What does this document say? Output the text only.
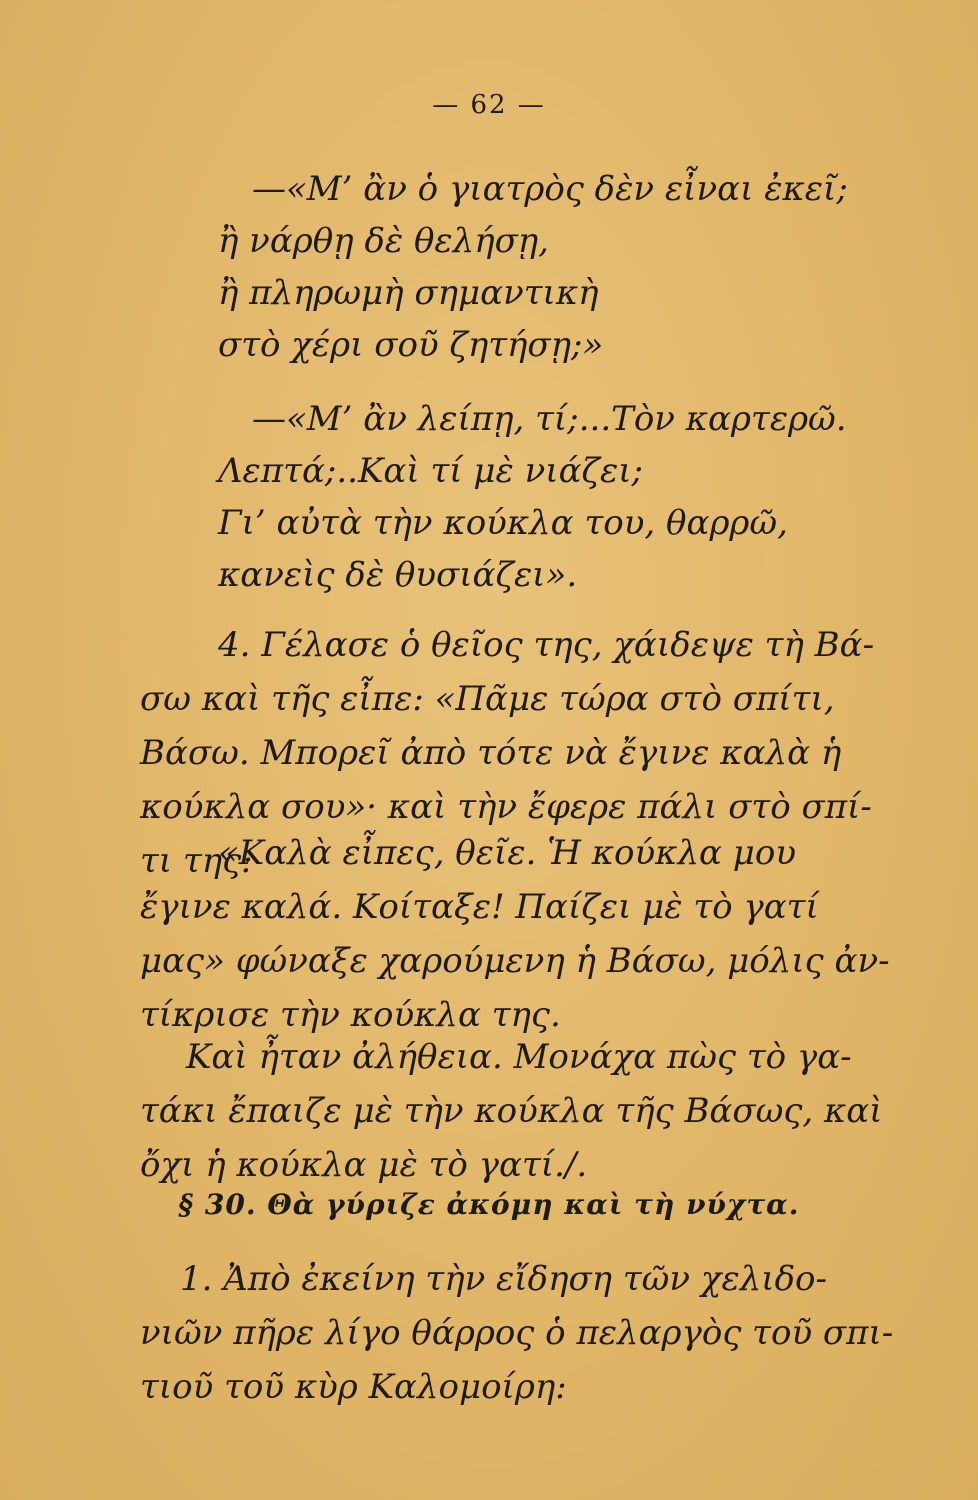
— 62 —
—«Μ’ ἂν ὁ γιατρὸς δὲν εἶναι ἐκεῖ;
ἢ νάρθῃ δὲ θελήσῃ,
ἢ πληρωμὴ σημαντικὴ
στὸ χέρι σοῦ ζητήσῃ;»
—«Μ’ ἂν λείπῃ, τί;...Τὸν καρτερῶ.
Λεπτά;..Καὶ τί μὲ νιάζει;
Γι’ αὐτὰ τὴν κούκλα του, θαρρῶ,
κανεὶς δὲ θυσιάζει».
4. Γέλασε ὁ θεῖος της, χάιδεψε τὴ Βά-
σω καὶ τῆς εἶπε: «Πᾶμε τώρα στὸ σπίτι,
Βάσω. Μπορεῖ ἀπὸ τότε νὰ ἔγινε καλὰ ἡ
κούκλα σου»· καὶ τὴν ἔφερε πάλι στὸ σπί-
τι της:
«Καλὰ εἶπες, θεῖε. Ἡ κούκλα μου
ἔγινε καλά. Κοίταξε! Παίζει μὲ τὸ γατί
μας» φώναξε χαρούμενη ἡ Βάσω, μόλις ἀν-
τίκρισε τὴν κούκλα της.
Καὶ ἦταν ἀλήθεια. Μονάχα πὼς τὸ γα-
§ 30. Θὰ γύριζε ἀκόμη καὶ τὴ νύχτα.
1. Ἀπὸ ἐκείνη τὴν εἴδηση τῶν χελιδο-
νιῶν πῆρε λίγο θάρρος ὁ πελαργὸς τοῦ σπι-
τιοῦ τοῦ κὺρ Καλομοίρη:
τάκι ἔπαιζε μὲ τὴν κούκλα τῆς Βάσως, καὶ
ὄχι ἡ κούκλα μὲ τὸ γατί./.
